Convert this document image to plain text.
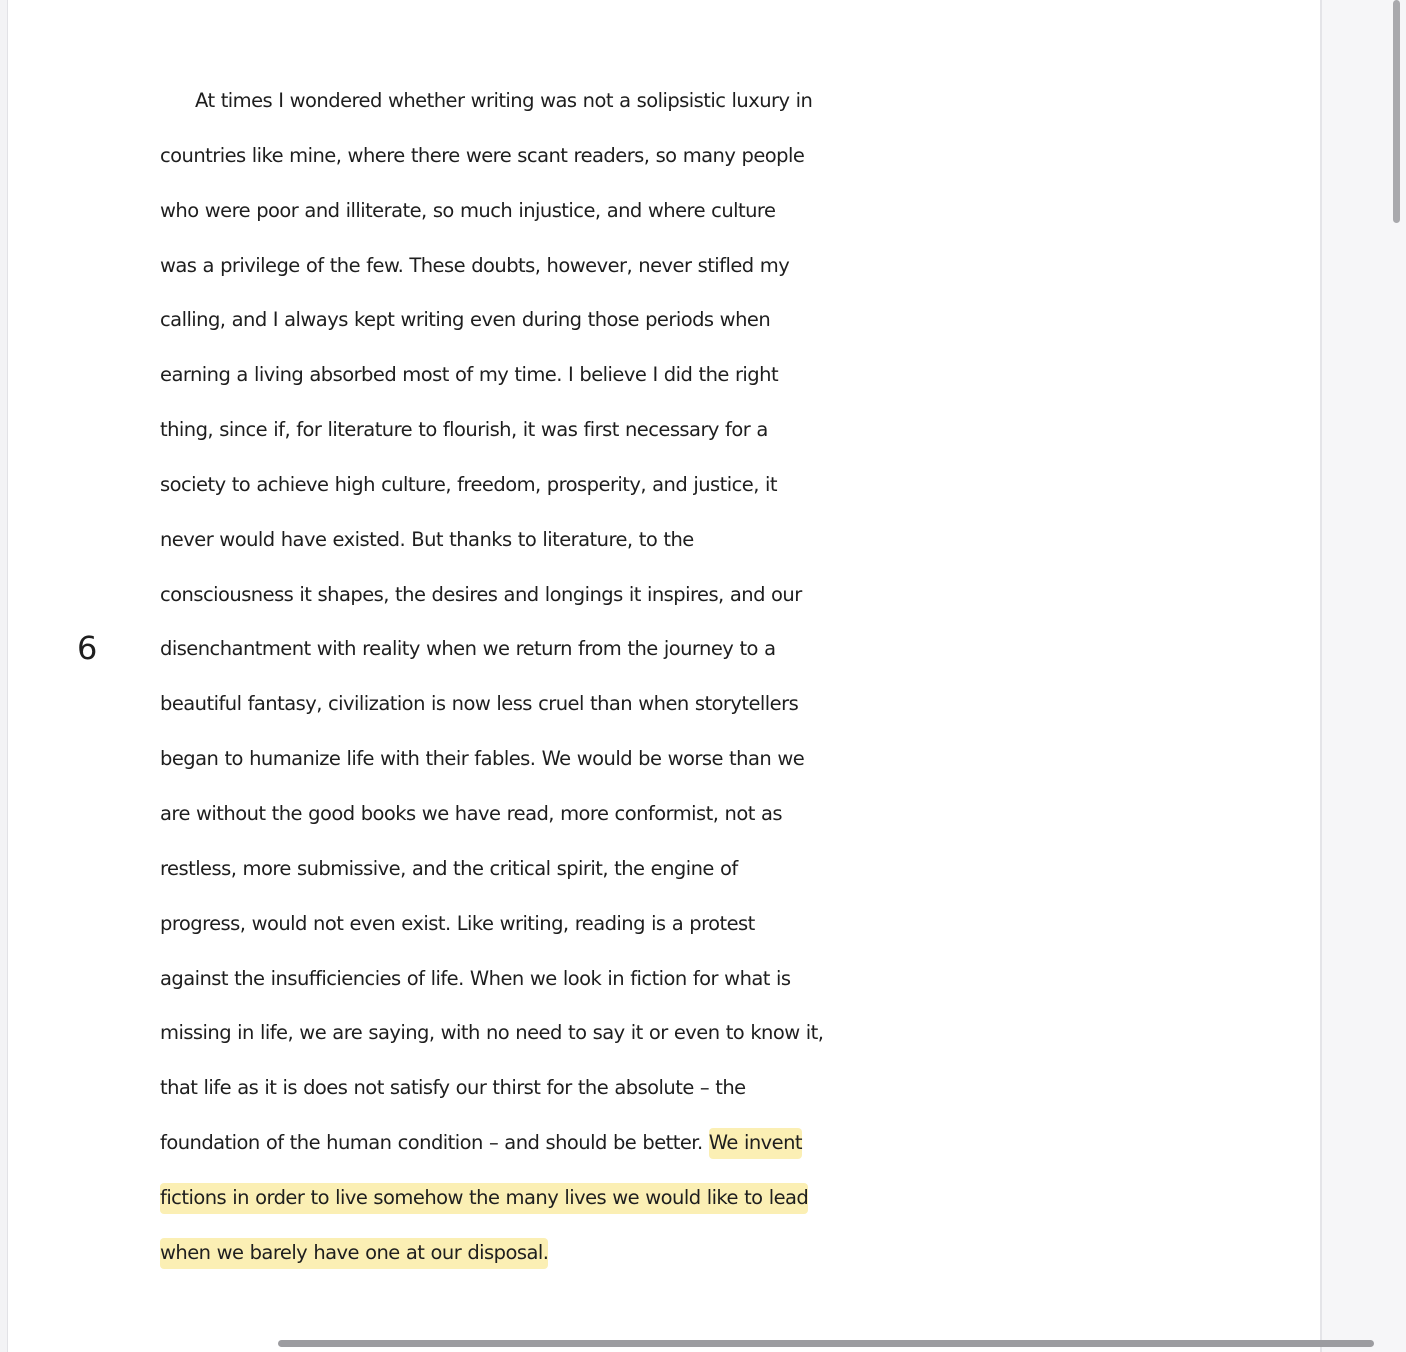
6
At times I wondered whether writing was not a solipsistic luxury in
countries like mine, where there were scant readers, so many people
who were poor and illiterate, so much injustice, and where culture
was a privilege of the few. These doubts, however, never stifled my
calling, and I always kept writing even during those periods when
earning a living absorbed most of my time. I believe I did the right
thing, since if, for literature to flourish, it was first necessary for a
society to achieve high culture, freedom, prosperity, and justice, it
never would have existed. But thanks to literature, to the
consciousness it shapes, the desires and longings it inspires, and our
disenchantment with reality when we return from the journey to a
beautiful fantasy, civilization is now less cruel than when storytellers
began to humanize life with their fables. We would be worse than we
are without the good books we have read, more conformist, not as
restless, more submissive, and the critical spirit, the engine of
progress, would not even exist. Like writing, reading is a protest
against the insufficiencies of life. When we look in fiction for what is
missing in life, we are saying, with no need to say it or even to know it,
that life as it is does not satisfy our thirst for the absolute – the
foundation of the human condition – and should be better. We invent
fictions in order to live somehow the many lives we would like to lead
when we barely have one at our disposal.
